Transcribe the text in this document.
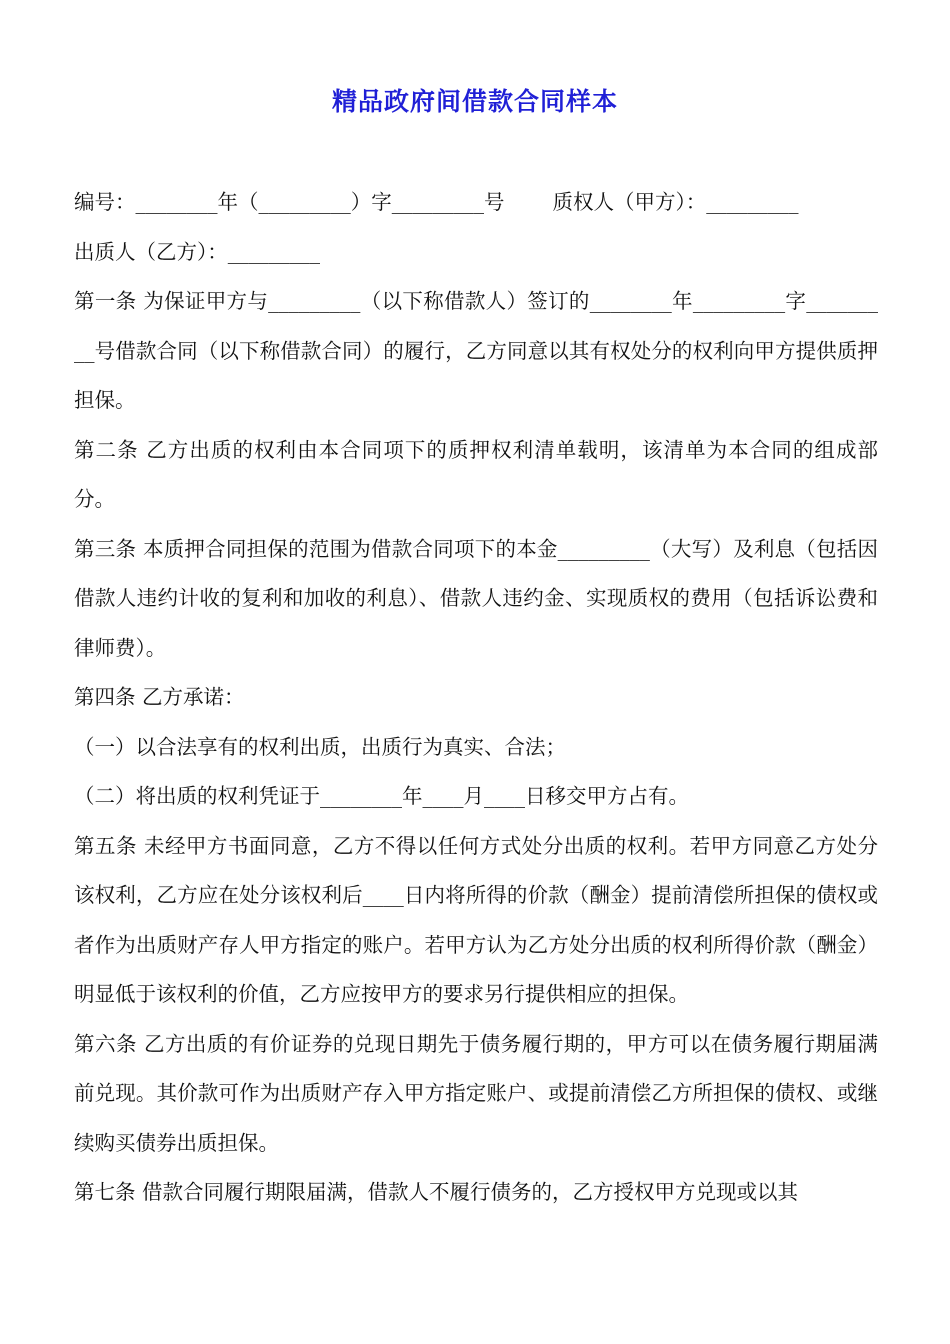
精品政府间借款合同样本

编号：________年（_________）字_________号 质权人（甲方）：_________

出质人（乙方）：_________

第一条 为保证甲方与_________（以下称借款人）签订的________年_________字_________号借款合同（以下称借款合同）的履行，乙方同意以其有权处分的权利向甲方提供质押担保。

第二条 乙方出质的权利由本合同项下的质押权利清单载明，该清单为本合同的组成部分。

第三条 本质押合同担保的范围为借款合同项下的本金_________（大写）及利息（包括因借款人违约计收的复利和加收的利息）、借款人违约金、实现质权的费用（包括诉讼费和律师费）。

第四条 乙方承诺：

（一）以合法享有的权利出质，出质行为真实、合法；

（二）将出质的权利凭证于________年____月____日移交甲方占有。

第五条 未经甲方书面同意，乙方不得以任何方式处分出质的权利。若甲方同意乙方处分该权利，乙方应在处分该权利后____日内将所得的价款（酬金）提前清偿所担保的债权或者作为出质财产存人甲方指定的账户。若甲方认为乙方处分出质的权利所得价款（酬金）明显低于该权利的价值，乙方应按甲方的要求另行提供相应的担保。

第六条 乙方出质的有价证券的兑现日期先于债务履行期的，甲方可以在债务履行期届满前兑现。其价款可作为出质财产存入甲方指定账户、或提前清偿乙方所担保的债权、或继续购买债券出质担保。

第七条 借款合同履行期限届满，借款人不履行债务的，乙方授权甲方兑现或以其
